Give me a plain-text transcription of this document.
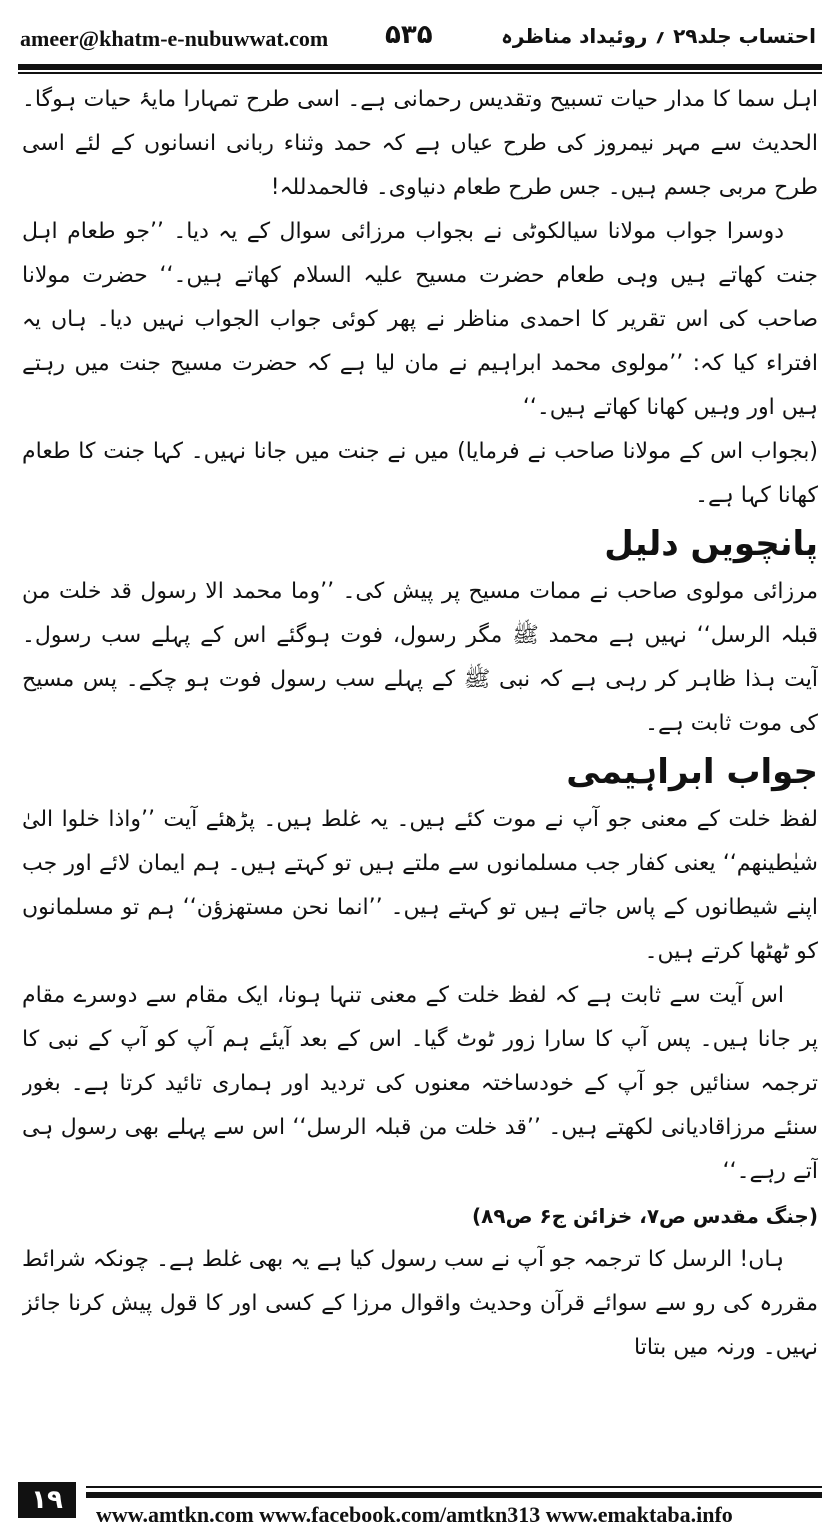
ameer@khatm-e-nubuwwat.com ۵۳۵	احتساب جلد۲۹ ؍ روئیداد مناظرہ

اہل سما کا مدار حیات تسبیح وتقدیس رحمانی ہے۔ اسی طرح تمہارا مایۂ حیات ہوگا۔ الحدیث سے مہر نیمروز کی طرح عیاں ہے کہ حمد وثناء ربانی انسانوں کے لئے اسی طرح مربی جسم ہیں۔ جس طرح طعام دنیاوی۔ فالحمدللہ!

دوسرا جواب مولانا سیالکوٹی نے بجواب مرزائی سوال کے یہ دیا۔ ’’جو طعام اہل جنت کھاتے ہیں وہی طعام حضرت مسیح علیہ السلام کھاتے ہیں۔‘‘ حضرت مولانا صاحب کی اس تقریر کا احمدی مناظر نے پھر کوئی جواب الجواب نہیں دیا۔ ہاں یہ افتراء کیا کہ: ’’مولوی محمد ابراہیم نے مان لیا ہے کہ حضرت مسیح جنت میں رہتے ہیں اور وہیں کھانا کھاتے ہیں۔‘‘

(بجواب اس کے مولانا صاحب نے فرمایا) میں نے جنت میں جانا نہیں۔ کہا جنت کا طعام کھانا کہا ہے۔

پانچویں دلیل

مرزائی مولوی صاحب نے ممات مسیح پر پیش کی۔ ’’وما محمد الا رسول قد خلت من قبلہ الرسل‘‘ نہیں ہے محمد ﷺ مگر رسول، فوت ہوگئے اس کے پہلے سب رسول۔ آیت ہذا ظاہر کر رہی ہے کہ نبی ﷺ کے پہلے سب رسول فوت ہو چکے۔ پس مسیح کی موت ثابت ہے۔

جواب ابراہیمی

لفظ خلت کے معنی جو آپ نے موت کئے ہیں۔ یہ غلط ہیں۔ پڑھئے آیت ’’واذا خلوا الیٰ شیٰطینھم‘‘ یعنی کفار جب مسلمانوں سے ملتے ہیں تو کہتے ہیں۔ ہم ایمان لائے اور جب اپنے شیطانوں کے پاس جاتے ہیں تو کہتے ہیں۔ ’’انما نحن مستھزؤن‘‘ ہم تو مسلمانوں کو ٹھٹھا کرتے ہیں۔

اس آیت سے ثابت ہے کہ لفظ خلت کے معنی تنہا ہونا، ایک مقام سے دوسرے مقام پر جانا ہیں۔ پس آپ کا سارا زور ٹوٹ گیا۔ اس کے بعد آیئے ہم آپ کو آپ کے نبی کا ترجمہ سنائیں جو آپ کے خودساختہ معنوں کی تردید اور ہماری تائید کرتا ہے۔ بغور سنئے مرزاقادیانی لکھتے ہیں۔ ’’قد خلت من قبلہ الرسل‘‘ اس سے پہلے بھی رسول ہی آتے رہے۔‘‘

(جنگ مقدس ص۷، خزائن ج۶ ص۸۹)

ہاں! الرسل کا ترجمہ جو آپ نے سب رسول کیا ہے یہ بھی غلط ہے۔ چونکہ شرائط مقررہ کی رو سے سوائے قرآن وحدیث واقوال مرزا کے کسی اور کا قول پیش کرنا جائز نہیں۔ ورنہ میں بتاتا

۱۹	www.amtkn.com www.facebook.com/amtkn313 www.emaktaba.info
